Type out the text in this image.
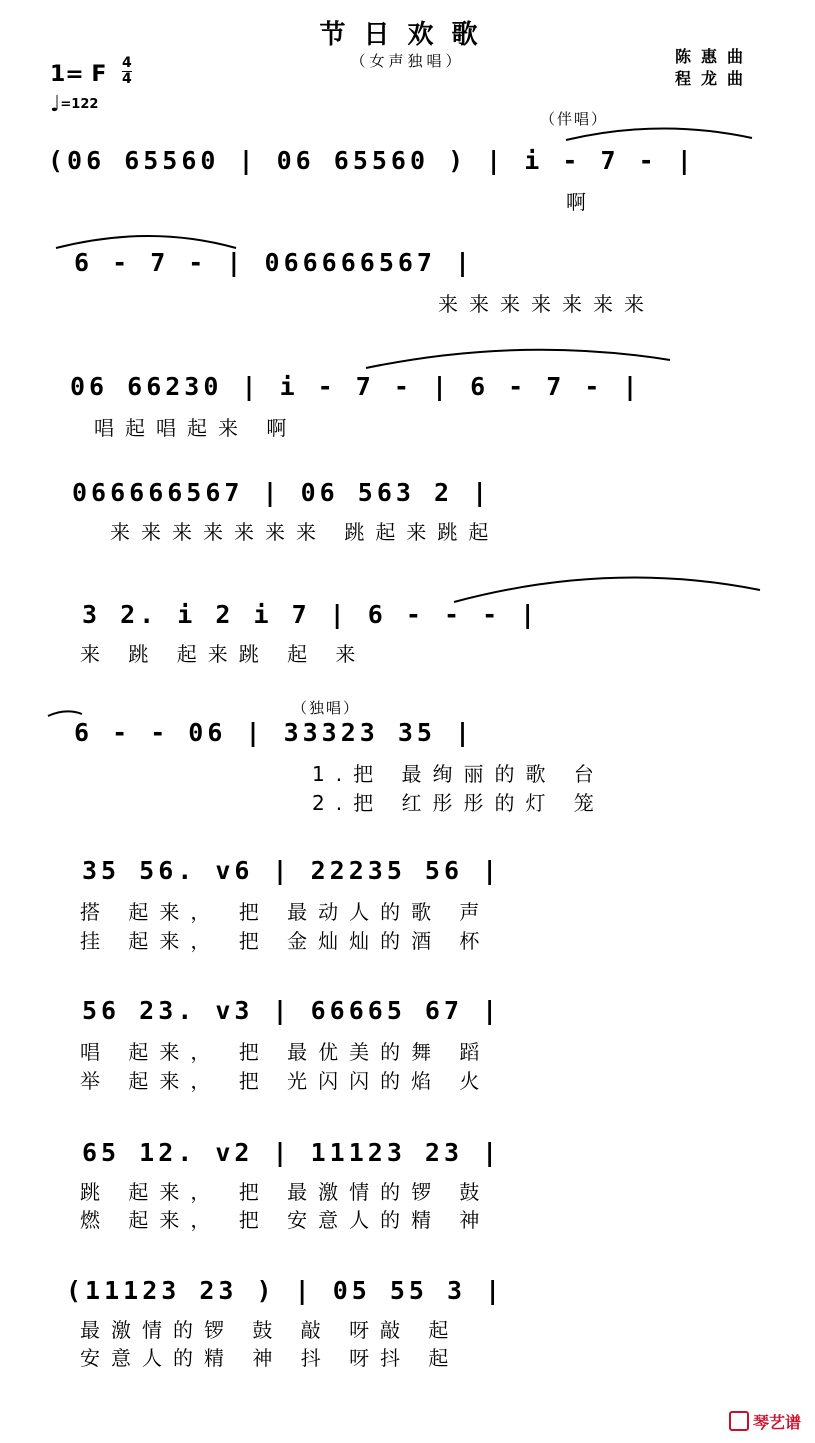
节日欢歌
（女声独唱）	陈惠曲
程龙曲
1= F 4
4
♩=122
（伴唱）
（独唱）
(06 65560 | 06 65560 ) | i - 7 - |
啊
6 - 7 - | 066666567 |
来来来来来来来
06 66230 | i - 7 - | 6 - 7 - |
唱起唱起来 啊
066666567 | 06 563 2 |
来来来来来来来 跳起来跳起
3 2. i 2 i 7 | 6 - - - |
来 跳 起来跳 起 来
6 - - 06 | 33323 35 |
1.把 最绚丽的歌 台
2.把 红彤彤的灯 笼
35 56. v6 | 22235 56 |
搭 起来， 把 最动人的歌 声
挂 起来， 把 金灿灿的酒 杯
56 23. v3 | 66665 67 |
唱 起来， 把 最优美的舞 蹈
举 起来， 把 光闪闪的焰 火
65 12. v2 | 11123 23 |
跳 起来， 把 最激情的锣 鼓
燃 起来， 把 安意人的精 神
(11123 23 ) | 05 55 3 |
最激情的锣 鼓 敲 呀敲 起
安意人的精 神 抖 呀抖 起
琴艺谱
